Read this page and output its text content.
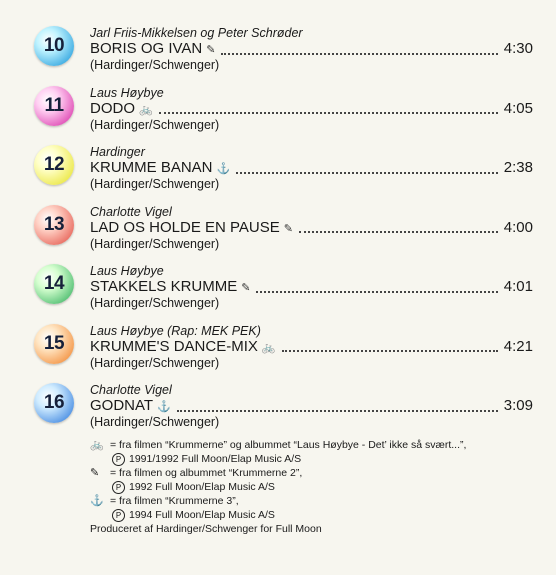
10
Jarl Friis-Mikkelsen og Peter Schrøder
BORIS OG IVAN ✎	4:30
(Hardinger/Schwenger)
11
Laus Høybye
DODO 🚲	4:05
(Hardinger/Schwenger)
12
Hardinger
KRUMME BANAN ⚓	2:38
(Hardinger/Schwenger)
13
Charlotte Vigel
LAD OS HOLDE EN PAUSE ✎	4:00
(Hardinger/Schwenger)
14
Laus Høybye
STAKKELS KRUMME ✎	4:01
(Hardinger/Schwenger)
15
Laus Høybye (Rap: MEK PEK)
KRUMME'S DANCE-MIX 🚲	4:21
(Hardinger/Schwenger)
16
Charlotte Vigel
GODNAT ⚓	3:09
(Hardinger/Schwenger)
🚲 = fra filmen “Krummerne” og albummet “Laus Høybye - Det’ ikke så svært...”,
P 1991/1992 Full Moon/Elap Music A/S
✎ = fra filmen og albummet “Krummerne 2”,
P 1992 Full Moon/Elap Music A/S
⚓ = fra filmen “Krummerne 3”,
P 1994 Full Moon/Elap Music A/S
Produceret af Hardinger/Schwenger for Full Moon
